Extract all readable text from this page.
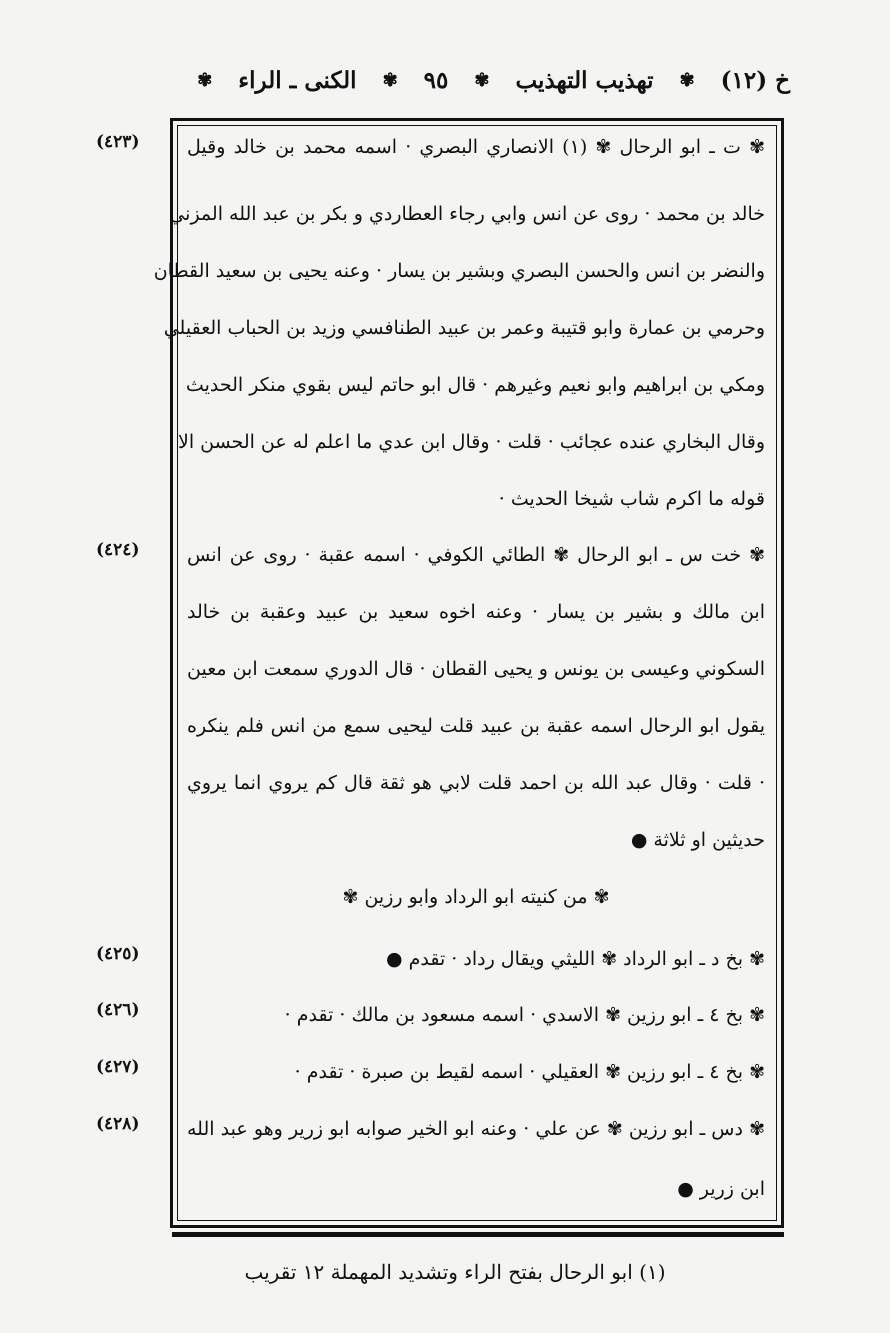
خ (١٢)
✾
تهذيب التهذيب
✾
٩٥
✾
الكنى ـ الراء
✾
(٤٢٣)	✾ ت ـ ابو الرحال ✾ (١) الانصاري البصري · اسمه محمد بن خالد وقيل
خالد بن محمد · روى عن انس وابي رجاء العطاردي و بكر بن عبد الله المزني
والنضر بن انس والحسن البصري وبشير بن يسار · وعنه يحيى بن سعيد القطان
وحرمي بن عمارة وابو قتيبة وعمر بن عبيد الطنافسي وزيد بن الحباب العقيلي
ومكي بن ابراهيم وابو نعيم وغيرهم · قال ابو حاتم ليس بقوي منكر الحديث
وقال البخاري عنده عجائب · قلت · وقال ابن عدي ما اعلم له عن الحسن الا
قوله ما اكرم شاب شيخا الحديث ·
(٤٢٤)	✾ خت س ـ ابو الرحال ✾ الطائي الكوفي · اسمه عقبة · روى عن انس
ابن مالك و بشير بن يسار · وعنه اخوه سعيد بن عبيد وعقبة بن خالد
السكوني وعيسى بن يونس و يحيى القطان · قال الدوري سمعت ابن معين
يقول ابو الرحال اسمه عقبة بن عبيد قلت ليحيى سمع من انس فلم ينكره
· قلت · وقال عبد الله بن احمد قلت لابي هو ثقة قال كم يروي انما يروي
حديثين او ثلاثة ●
✾ من كنيته ابو الرداد وابو رزين ✾
(٤٢٥)	✾ بخ د ـ ابو الرداد ✾ الليثي ويقال رداد · تقدم ●
(٤٢٦)	✾ بخ ٤ ـ ابو رزين ✾ الاسدي · اسمه مسعود بن مالك · تقدم ·
(٤٢٧)	✾ بخ ٤ ـ ابو رزين ✾ العقيلي · اسمه لقيط بن صبرة · تقدم ·
(٤٢٨)	✾ دس ـ ابو رزين ✾ عن علي · وعنه ابو الخير صوابه ابو زرير وهو عبد الله
ابن زرير ●
(١) ابو الرحال بفتح الراء وتشديد المهملة ١٢ تقريب
